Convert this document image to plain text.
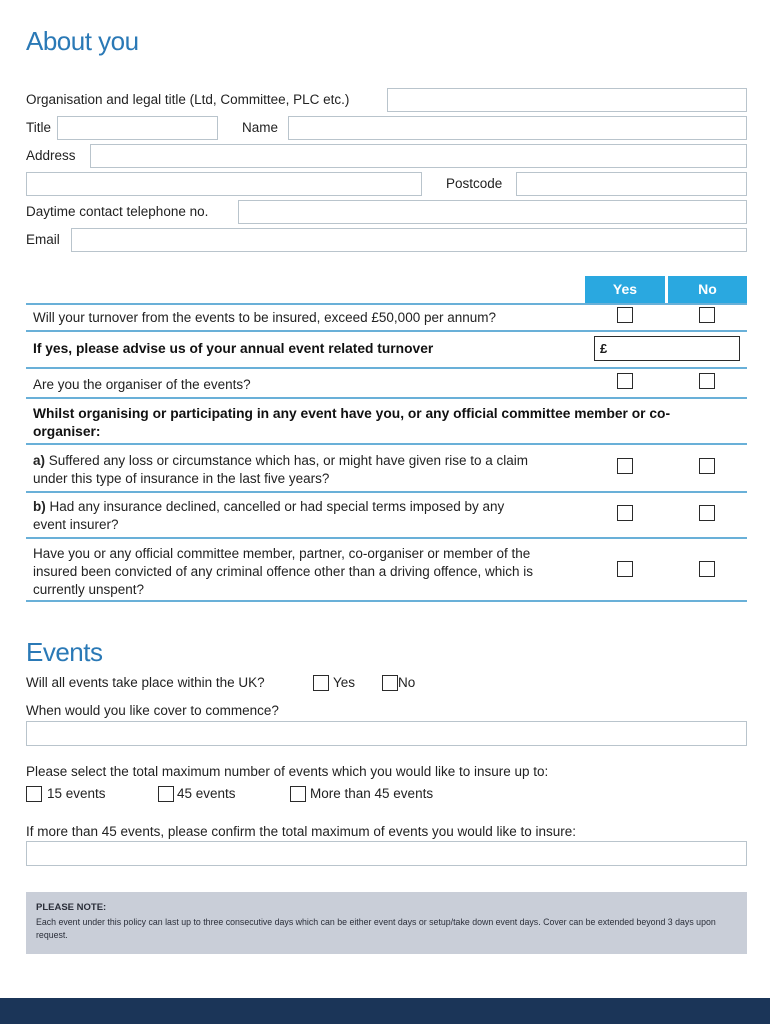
About you
Organisation and legal title (Ltd, Committee, PLC etc.)
Title	Name
Address
Postcode
Daytime contact telephone no.
Email
Yes	No
Will your turnover from the events to be insured, exceed £50,000 per annum?
If yes, please advise us of your annual event related turnover	£
Are you the organiser of the events?
Whilst organising or participating in any event have you, or any official committee member or co-organiser:
a) Suffered any loss or circumstance which has, or might have given rise to a claim under this type of insurance in the last five years?
b) Had any insurance declined, cancelled or had special terms imposed by any event insurer?
Have you or any official committee member, partner, co-organiser or member of the insured been convicted of any criminal offence other than a driving offence, which is currently unspent?
Events
Will all events take place within the UK?	Yes	No
When would you like cover to commence?
Please select the total maximum number of events which you would like to insure up to:
15 events	45 events	More than 45 events
If more than 45 events, please confirm the total maximum of events you would like to insure:
PLEASE NOTE:
Each event under this policy can last up to three consecutive days which can be either event days or setup/take down event days. Cover can be extended beyond 3 days upon request.
